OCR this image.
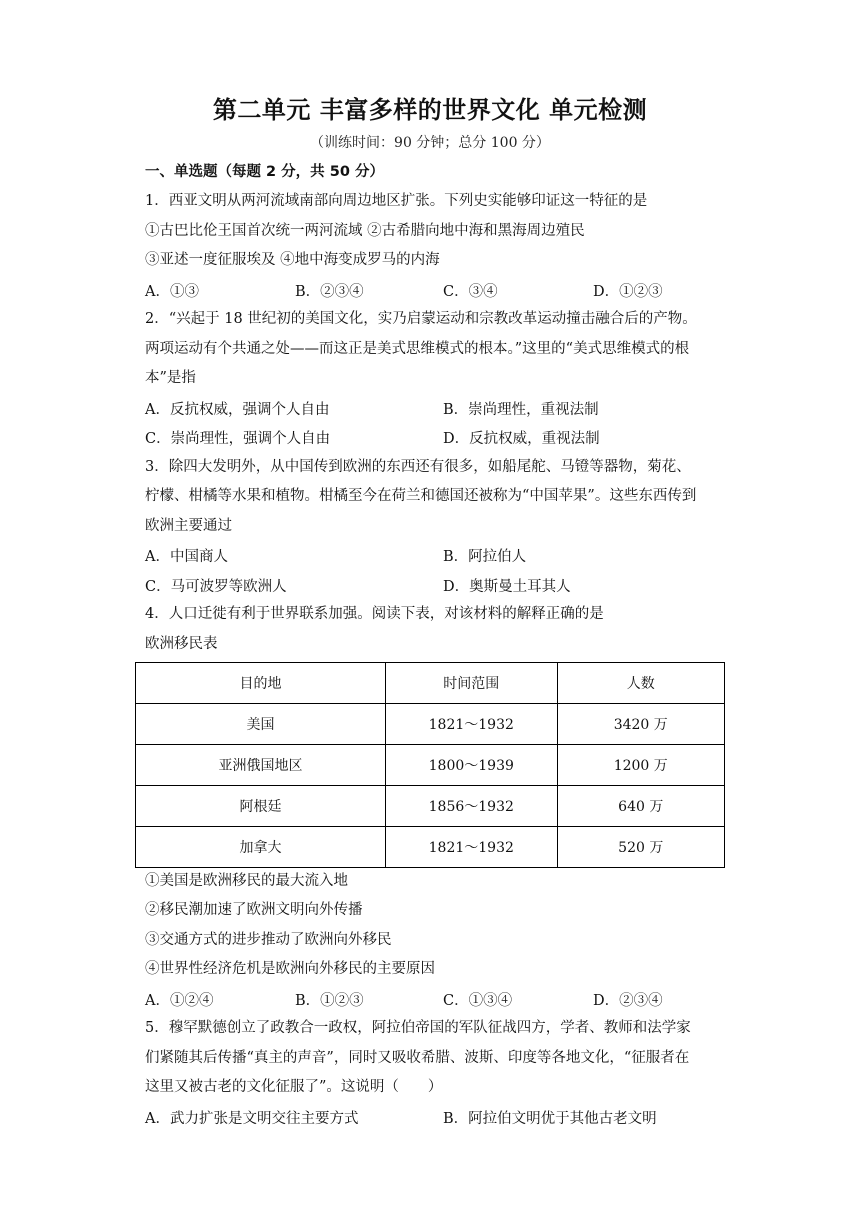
第二单元 丰富多样的世界文化 单元检测
（训练时间：90 分钟；总分 100 分）
一、单选题（每题 2 分，共 50 分）
1．西亚文明从两河流域南部向周边地区扩张。下列史实能够印证这一特征的是
①古巴比伦王国首次统一两河流域 ②古希腊向地中海和黑海周边殖民
③亚述一度征服埃及 ④地中海变成罗马的内海
A．①③	B．②③④	C．③④	D．①②③
2．“兴起于 18 世纪初的美国文化，实乃启蒙运动和宗教改革运动撞击融合后的产物。
两项运动有个共通之处——而这正是美式思维模式的根本。”这里的“美式思维模式的根
本”是指
A．反抗权威，强调个人自由	B．崇尚理性，重视法制
C．崇尚理性，强调个人自由	D．反抗权威，重视法制
3．除四大发明外，从中国传到欧洲的东西还有很多，如船尾舵、马镫等器物，菊花、
柠檬、柑橘等水果和植物。柑橘至今在荷兰和德国还被称为“中国苹果”。这些东西传到
欧洲主要通过
A．中国商人	B．阿拉伯人
C．马可波罗等欧洲人	D．奥斯曼土耳其人
4．人口迁徙有利于世界联系加强。阅读下表，对该材料的解释正确的是
欧洲移民表
目的地	时间范围	人数
美国	1821～1932	3420 万
亚洲俄国地区	1800～1939	1200 万
阿根廷	1856～1932	640 万
加拿大	1821～1932	520 万
①美国是欧洲移民的最大流入地
②移民潮加速了欧洲文明向外传播
③交通方式的进步推动了欧洲向外移民
④世界性经济危机是欧洲向外移民的主要原因
A．①②④	B．①②③	C．①③④	D．②③④
5．穆罕默德创立了政教合一政权，阿拉伯帝国的军队征战四方，学者、教师和法学家
们紧随其后传播“真主的声音”，同时又吸收希腊、波斯、印度等各地文化，“征服者在
这里又被古老的文化征服了”。这说明（　　）
A．武力扩张是文明交往主要方式	B．阿拉伯文明优于其他古老文明
